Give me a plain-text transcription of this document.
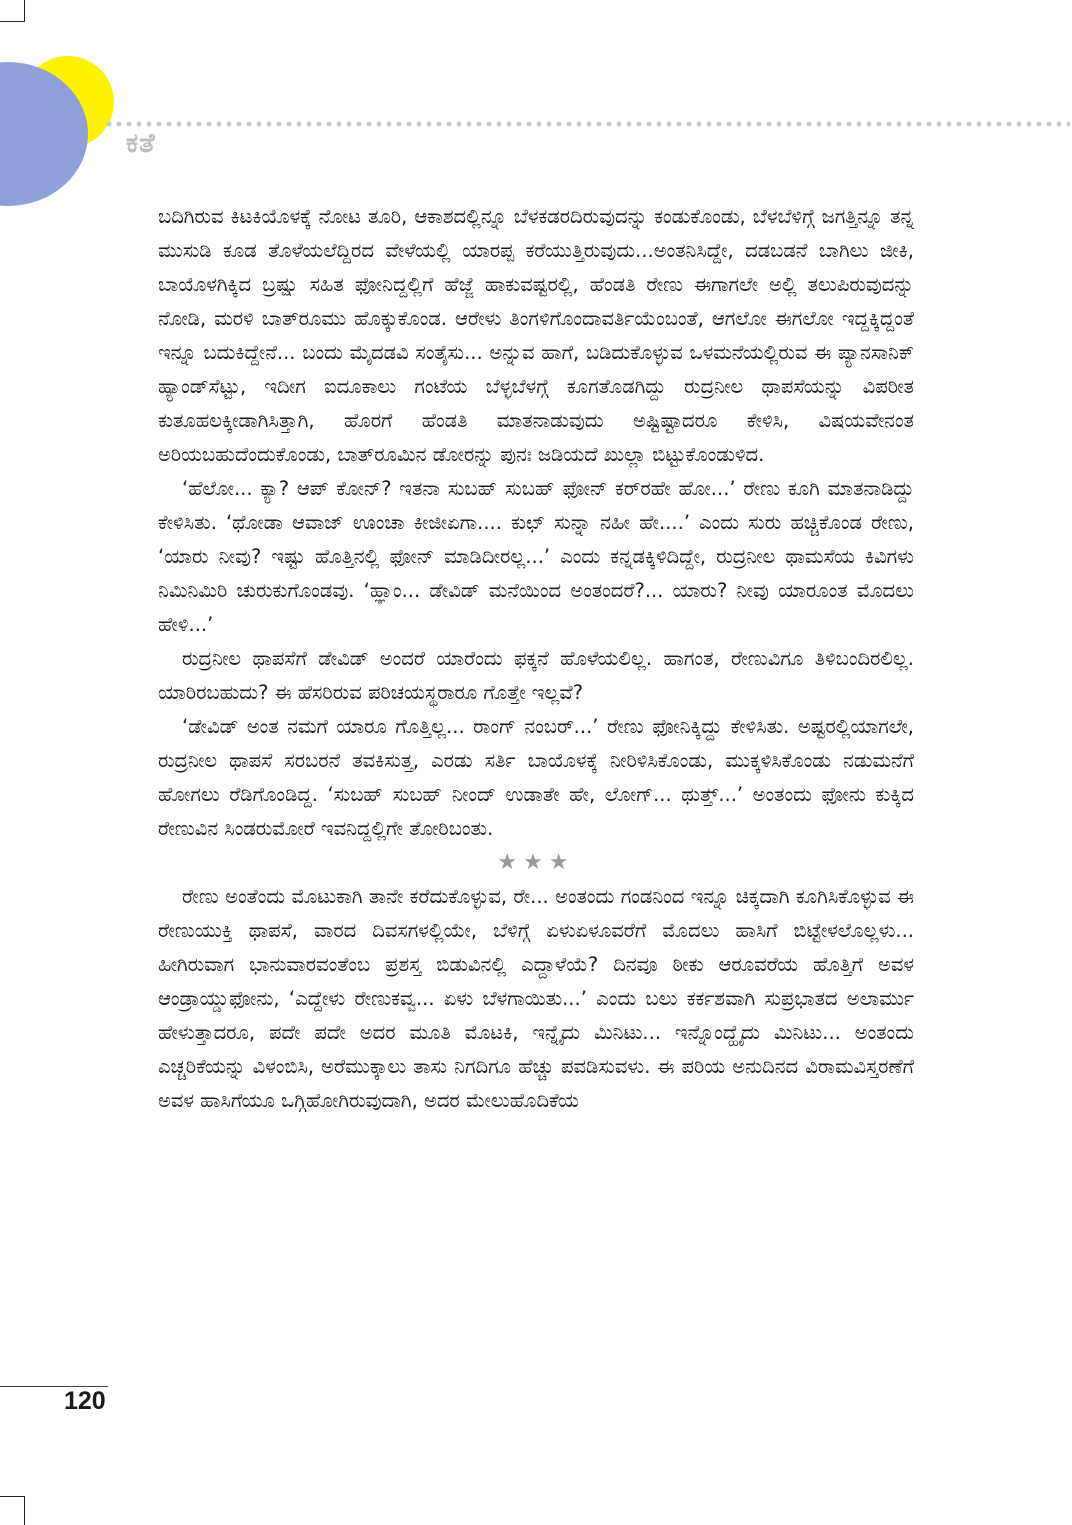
ಕತೆ

ಬದಿಗಿರುವ ಕಿಟಕಿಯೊಳಕ್ಕೆ ನೋಟ ತೂರಿ, ಆಕಾಶದಲ್ಲಿನ್ನೂ ಬೆಳಕಡರದಿರುವುದನ್ನು ಕಂಡುಕೊಂಡು, ಬೆಳಬೆಳಿಗ್ಗೆ ಜಗತ್ತಿನ್ನೂ ತನ್ನ ಮುಸುಡಿ ಕೂಡ ತೊಳೆಯಲೆದ್ದಿರದ ವೇಳೆಯಲ್ಲಿ ಯಾರಪ್ಪ ಕರೆಯುತ್ತಿರುವುದು...ಅಂತನಿಸಿದ್ದೇ, ದಡಬಡನೆ ಬಾಗಿಲು ಜೀಕಿ, ಬಾಯೊಳಗಿಕ್ಕಿದ ಬ್ರಷ್ಷು ಸಹಿತ ಫೋನಿದ್ದಲ್ಲಿಗೆ ಹೆಜ್ಜೆ ಹಾಕುವಷ್ಟರಲ್ಲಿ, ಹೆಂಡತಿ ರೇಣು ಈಗಾಗಲೇ ಅಲ್ಲಿ ತಲುಪಿರುವುದನ್ನು ನೋಡಿ, ಮರಳಿ ಬಾತ್‌ರೂಮು ಹೊಕ್ಕುಕೊಂಡ. ಆರೇಳು ತಿಂಗಳಿಗೊಂದಾವರ್ತಿಯೆಂಬಂತೆ, ಆಗಲೋ ಈಗಲೋ ಇದ್ದಕ್ಕಿದ್ದಂತೆ ಇನ್ನೂ ಬದುಕಿದ್ದೇನೆ... ಬಂದು ಮೈದಡವಿ ಸಂತೈಸು... ಅನ್ನುವ ಹಾಗೆ, ಬಡಿದುಕೊಳ್ಳುವ ಒಳಮನೆಯಲ್ಲಿರುವ ಈ ಪ್ಯಾನಸಾನಿಕ್ ಹ್ಯಾಂಡ್‌ಸೆಟ್ಟು, ಇದೀಗ ಐದೂಕಾಲು ಗಂಟೆಯ ಬೆಳ್ಳಬೆಳಗ್ಗೆ ಕೂಗತೊಡಗಿದ್ದು ರುದ್ರನೀಲ ಥಾಪಸೆಯನ್ನು ವಿಪರೀತ ಕುತೂಹಲಕ್ಕೀಡಾಗಿಸಿತ್ತಾಗಿ, ಹೊರಗೆ ಹೆಂಡತಿ ಮಾತನಾಡುವುದು ಅಷ್ಟಿಷ್ಟಾದರೂ ಕೇಳಿಸಿ, ವಿಷಯವೇನಂತ ಅರಿಯಬಹುದೆಂದುಕೊಂಡು, ಬಾತ್‌ರೂಮಿನ ಡೋರನ್ನು ಪುನಃ ಜಡಿಯದೆ ಖುಲ್ಲಾ ಬಿಟ್ಟುಕೊಂಡುಳಿದ.

‘ಹೆಲೋ... ಕ್ಯಾ? ಆಪ್ ಕೋನ್? ಇತನಾ ಸುಬಹ್ ಸುಬಹ್ ಫೋನ್ ಕರ್‌ರಹೇ ಹೋ...’ ರೇಣು ಕೂಗಿ ಮಾತನಾಡಿದ್ದು ಕೇಳಿಸಿತು. ‘ಥೋಡಾ ಆವಾಜ್ ಊಂಚಾ ಕೀಜೀಏಗಾ.... ಕುಛ್ ಸುನ್ನಾ ನಹೀ ಹೇ....’ ಎಂದು ಸುರು ಹಚ್ಚಿಕೊಂಡ ರೇಣು, ‘ಯಾರು ನೀವು? ಇಷ್ಟು ಹೊತ್ತಿನಲ್ಲಿ ಫೋನ್ ಮಾಡಿದೀರಲ್ಲ...’ ಎಂದು ಕನ್ನಡಕ್ಕಿಳಿದಿದ್ದೇ, ರುದ್ರನೀಲ ಥಾಮಸೆಯ ಕಿವಿಗಳು ನಿಮಿನಿಮಿರಿ ಚುರುಕುಗೊಂಡವು. ‘ಹ್ಞಾಂ... ಡೇವಿಡ್ ಮನೆಯಿಂದ ಅಂತಂದರೆ?... ಯಾರು? ನೀವು ಯಾರೂಂತ ಮೊದಲು ಹೇಳಿ...’

ರುದ್ರನೀಲ ಥಾಪಸೆಗೆ ಡೇವಿಡ್ ಅಂದರೆ ಯಾರೆಂದು ಫಕ್ಕನೆ ಹೊಳೆಯಲಿಲ್ಲ. ಹಾಗಂತ, ರೇಣುವಿಗೂ ತಿಳಿಬಂದಿರಲಿಲ್ಲ. ಯಾರಿರಬಹುದು? ಈ ಹೆಸರಿರುವ ಪರಿಚಯಸ್ಥರಾರೂ ಗೊತ್ತೇ ಇಲ್ಲವೆ?

‘ಡೇವಿಡ್ ಅಂತ ನಮಗೆ ಯಾರೂ ಗೊತ್ತಿಲ್ಲ... ರಾಂಗ್ ನಂಬರ್...’ ರೇಣು ಫೋನಿಕ್ಕಿದ್ದು ಕೇಳಿಸಿತು. ಅಷ್ಟರಲ್ಲಿಯಾಗಲೇ, ರುದ್ರನೀಲ ಥಾಪಸೆ ಸರಬರನೆ ತವಕಿಸುತ್ತ, ಎರಡು ಸರ್ತಿ ಬಾಯೊಳಕ್ಕೆ ನೀರಿಳಿಸಿಕೊಂಡು, ಮುಕ್ಕಳಿಸಿಕೊಂಡು ನಡುಮನೆಗೆ ಹೋಗಲು ರೆಡಿಗೊಂಡಿದ್ದ. ‘ಸುಬಹ್ ಸುಬಹ್ ನೀಂದ್ ಉಡಾತೇ ಹೇ, ಲೋಗ್... ಥುತ್ತ್...’ ಅಂತಂದು ಫೋನು ಕುಕ್ಕಿದ ರೇಣುವಿನ ಸಿಂಡರುಮೋರೆ ಇವನಿದ್ದಲ್ಲಿಗೇ ತೋರಿಬಂತು.

★★★

ರೇಣು ಅಂತೆಂದು ಮೊಟುಕಾಗಿ ತಾನೇ ಕರೆದುಕೊಳ್ಳುವ, ರೇ... ಅಂತಂದು ಗಂಡನಿಂದ ಇನ್ನೂ ಚಿಕ್ಕದಾಗಿ ಕೂಗಿಸಿಕೊಳ್ಳುವ ಈ ರೇಣುಯುಕ್ತಿ ಥಾಪಸೆ, ವಾರದ ದಿವಸಗಳಲ್ಲಿಯೇ, ಬೆಳಿಗ್ಗೆ ಏಳುಏಳೂವರೆಗೆ ಮೊದಲು ಹಾಸಿಗೆ ಬಿಟ್ಟೇಳಲೊಲ್ಲಳು... ಹೀಗಿರುವಾಗ ಭಾನುವಾರವಂತೆಂಬ ಪ್ರಶಸ್ತ ಬಿಡುವಿನಲ್ಲಿ ಎದ್ದಾಳೆಯೆ? ದಿನವೂ ಠೀಕು ಆರೂವರೆಯ ಹೊತ್ತಿಗೆ ಅವಳ ಆಂಡ್ರಾಯ್ಡುಫೋನು, ‘ಎದ್ದೇಳು ರೇಣುಕವ್ವ... ಏಳು ಬೆಳಗಾಯಿತು...’ ಎಂದು ಬಲು ಕರ್ಕಶವಾಗಿ ಸುಪ್ರಭಾತದ ಅಲಾರ್ಮು ಹೇಳುತ್ತಾದರೂ, ಪದೇ ಪದೇ ಅದರ ಮೂತಿ ಮೊಟಕಿ, ಇನ್ನೈದು ಮಿನಿಟು... ಇನ್ನೊಂದ್ಹೈದು ಮಿನಿಟು... ಅಂತಂದು ಎಚ್ಚರಿಕೆಯನ್ನು ವಿಳಂಬಿಸಿ, ಅರೆಮುಕ್ಕಾಲು ತಾಸು ನಿಗದಿಗೂ ಹೆಚ್ಚು ಪವಡಿಸುವಳು. ಈ ಪರಿಯ ಅನುದಿನದ ವಿರಾಮವಿಸ್ತರಣೆಗೆ ಅವಳ ಹಾಸಿಗೆಯೂ ಒಗ್ಗಿಹೋಗಿರುವುದಾಗಿ, ಅದರ ಮೇಲುಹೊದಿಕೆಯ

120
